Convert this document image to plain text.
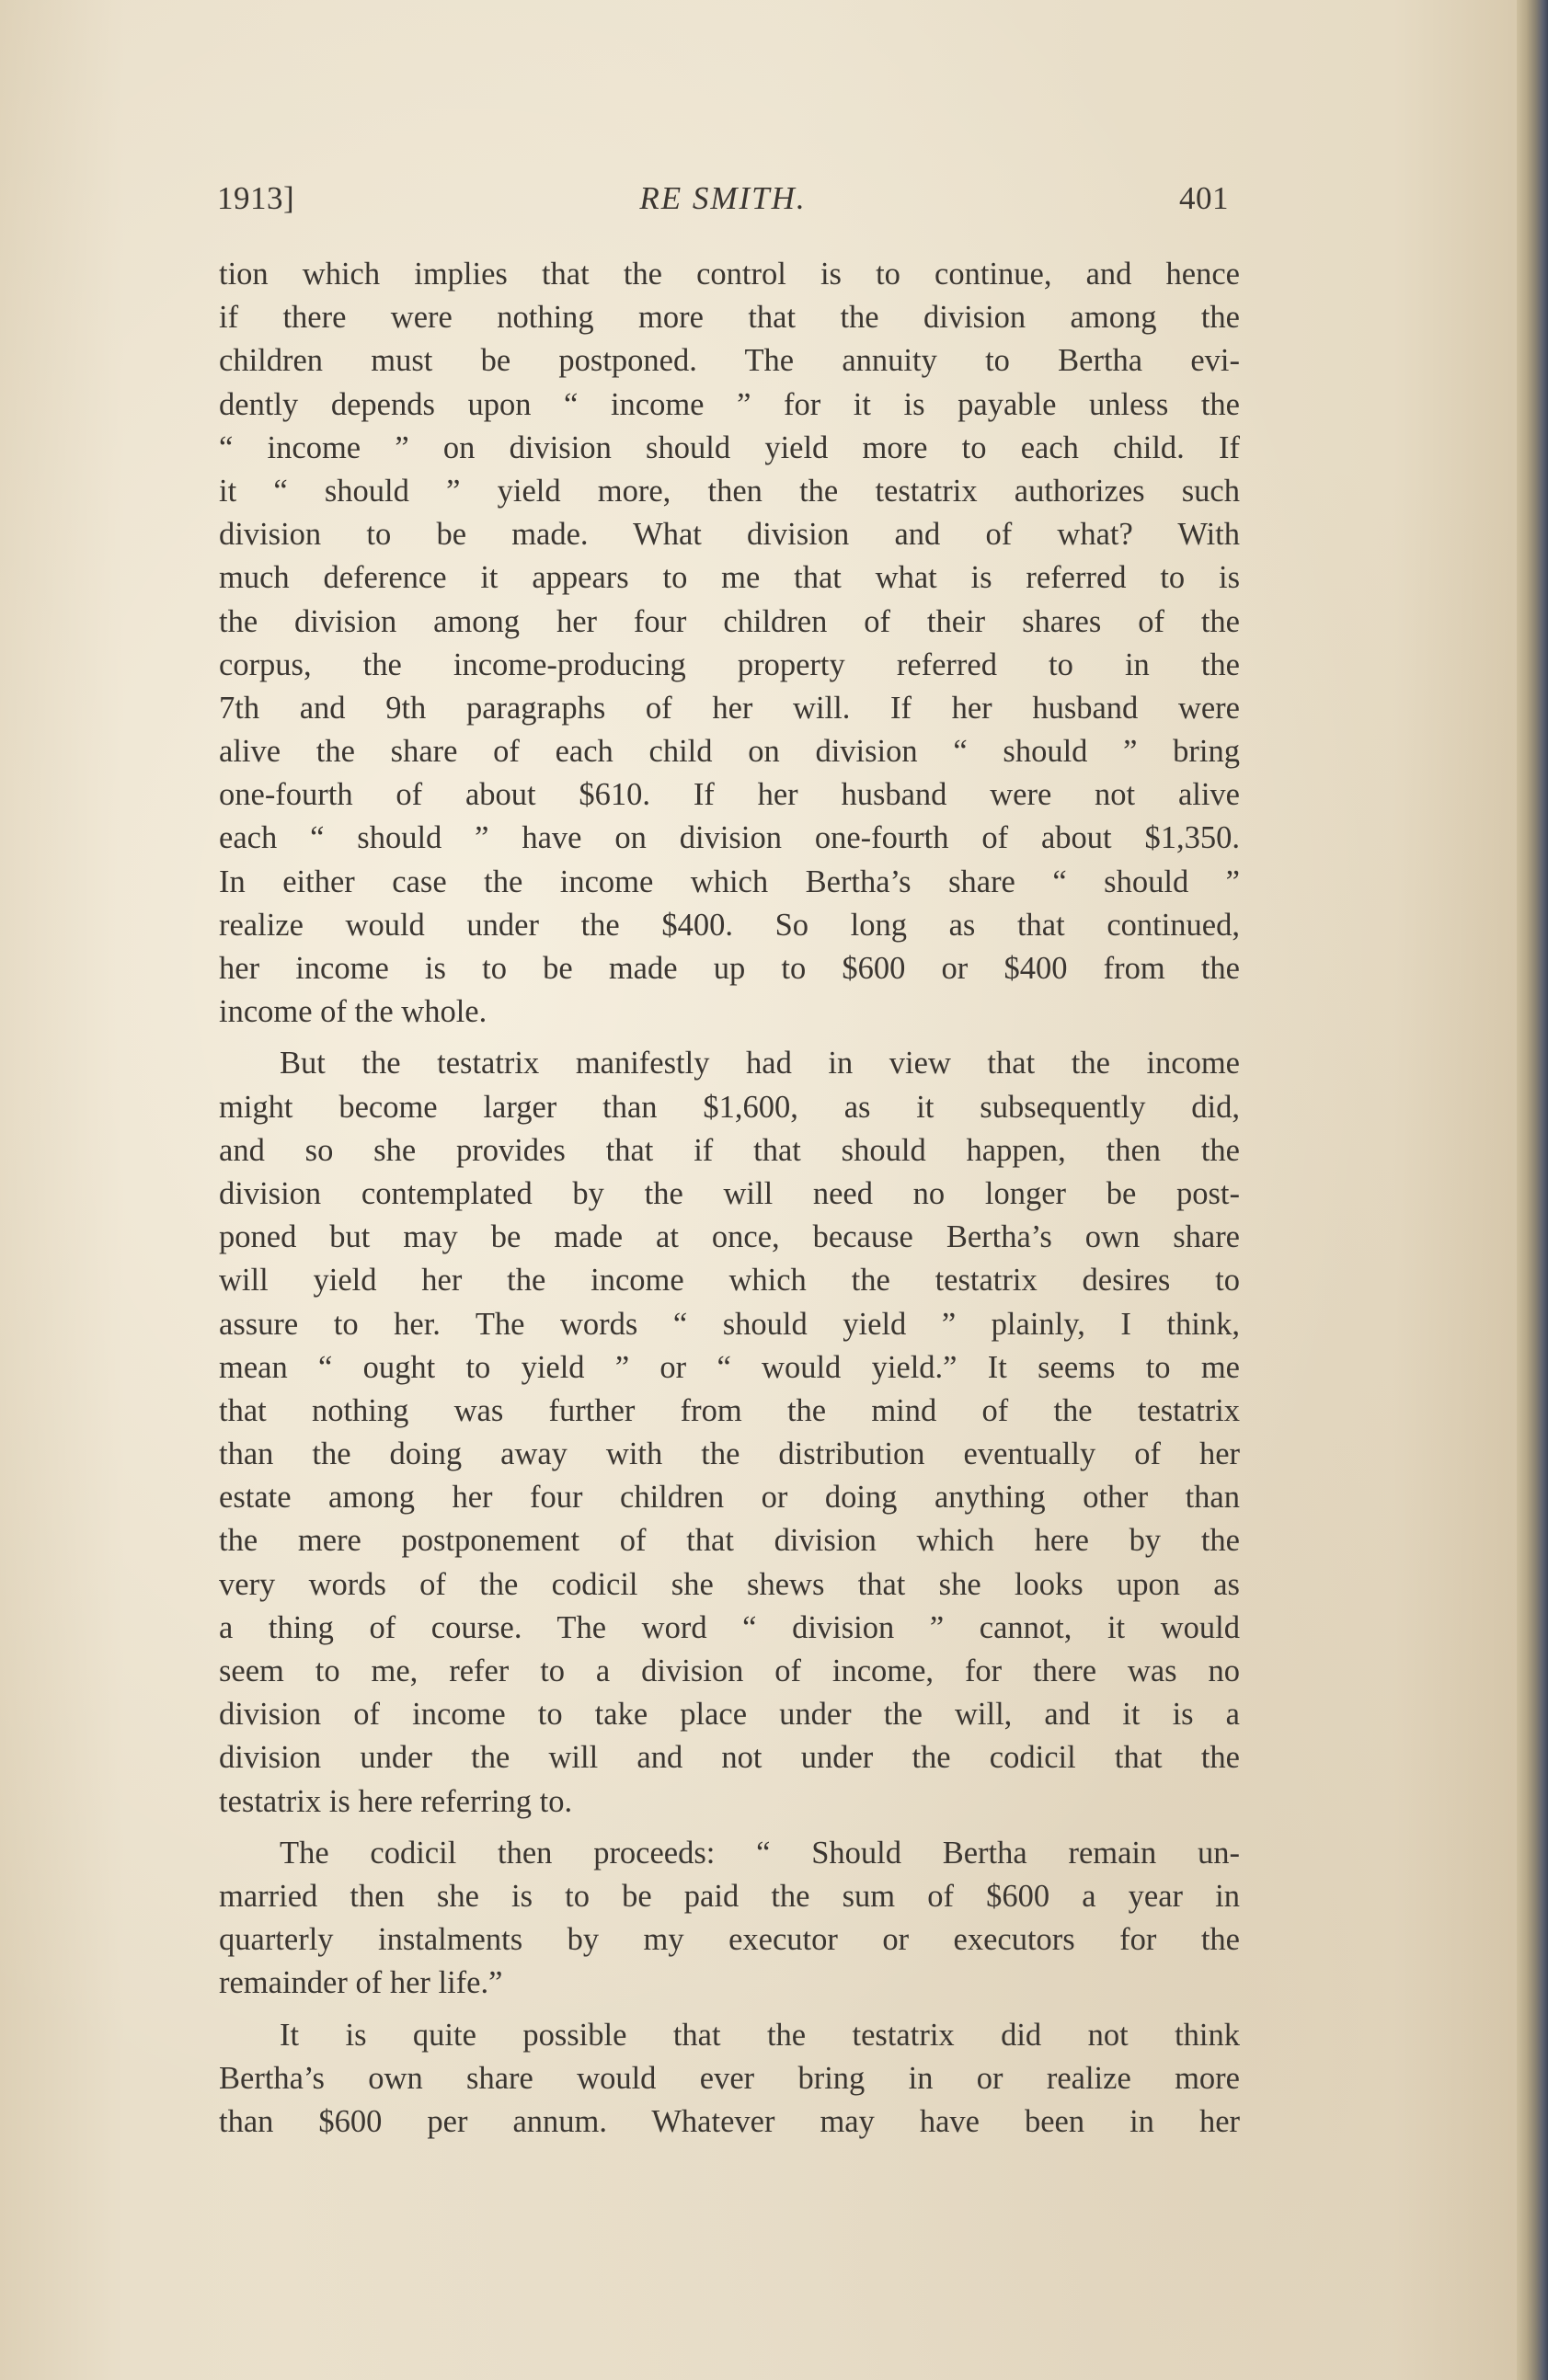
1913]	RE SMITH.	401
tion which implies that the control is to continue, and hence
if there were nothing more that the division among the
children must be postponed. The annuity to Bertha evi-
dently depends upon “ income ” for it is payable unless the
“ income ” on division should yield more to each child. If
it “ should ” yield more, then the testatrix authorizes such
division to be made. What division and of what? With
much deference it appears to me that what is referred to is
the division among her four children of their shares of the
corpus, the income-producing property referred to in the
7th and 9th paragraphs of her will. If her husband were
alive the share of each child on division “ should ” bring
one-fourth of about $610. If her husband were not alive
each “ should ” have on division one-fourth of about $1,350.
In either case the income which Bertha’s share “ should ”
realize would under the $400. So long as that continued,
her income is to be made up to $600 or $400 from the
income of the whole.
But the testatrix manifestly had in view that the income
might become larger than $1,600, as it subsequently did,
and so she provides that if that should happen, then the
division contemplated by the will need no longer be post-
poned but may be made at once, because Bertha’s own share
will yield her the income which the testatrix desires to
assure to her. The words “ should yield ” plainly, I think,
mean “ ought to yield ” or “ would yield.” It seems to me
that nothing was further from the mind of the testatrix
than the doing away with the distribution eventually of her
estate among her four children or doing anything other than
the mere postponement of that division which here by the
very words of the codicil she shews that she looks upon as
a thing of course. The word “ division ” cannot, it would
seem to me, refer to a division of income, for there was no
division of income to take place under the will, and it is a
division under the will and not under the codicil that the
testatrix is here referring to.
The codicil then proceeds: “ Should Bertha remain un-
married then she is to be paid the sum of $600 a year in
quarterly instalments by my executor or executors for the
remainder of her life.”
It is quite possible that the testatrix did not think
Bertha’s own share would ever bring in or realize more
than $600 per annum. Whatever may have been in her
